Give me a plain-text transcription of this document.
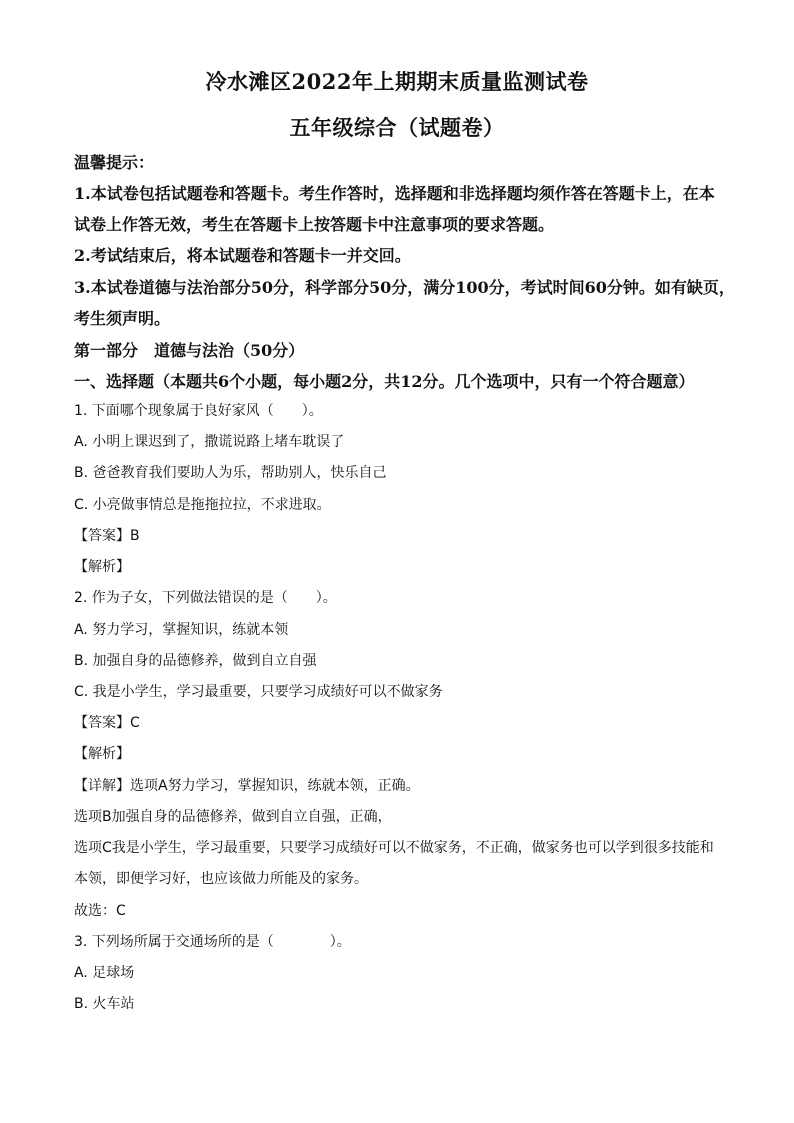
冷水滩区2022年上期期末质量监测试卷
五年级综合（试题卷）
温馨提示：
1.本试卷包括试题卷和答题卡。考生作答时，选择题和非选择题均须作答在答题卡上，在本
试卷上作答无效，考生在答题卡上按答题卡中注意事项的要求答题。
2.考试结束后，将本试题卷和答题卡一并交回。
3.本试卷道德与法治部分50分，科学部分50分，满分100分，考试时间60分钟。如有缺页，
考生须声明。
第一部分　道德与法治（50分）
一、选择题（本题共6个小题，每小题2分，共12分。几个选项中，只有一个符合题意）
1. 下面哪个现象属于良好家风（　　）。
A. 小明上课迟到了，撒谎说路上堵车耽误了
B. 爸爸教育我们要助人为乐，帮助别人，快乐自己
C. 小亮做事情总是拖拖拉拉，不求进取。
【答案】B
【解析】
2. 作为子女，下列做法错误的是（　　）。
A. 努力学习，掌握知识，练就本领
B. 加强自身的品德修养，做到自立自强
C. 我是小学生，学习最重要，只要学习成绩好可以不做家务
【答案】C
【解析】
【详解】选项A努力学习，掌握知识，练就本领，正确。
选项B加强自身的品德修养，做到自立自强，正确，
选项C我是小学生，学习最重要，只要学习成绩好可以不做家务，不正确，做家务也可以学到很多技能和
本领，即便学习好，也应该做力所能及的家务。
故选：C
3. 下列场所属于交通场所的是（　　　　）。
A. 足球场
B. 火车站
